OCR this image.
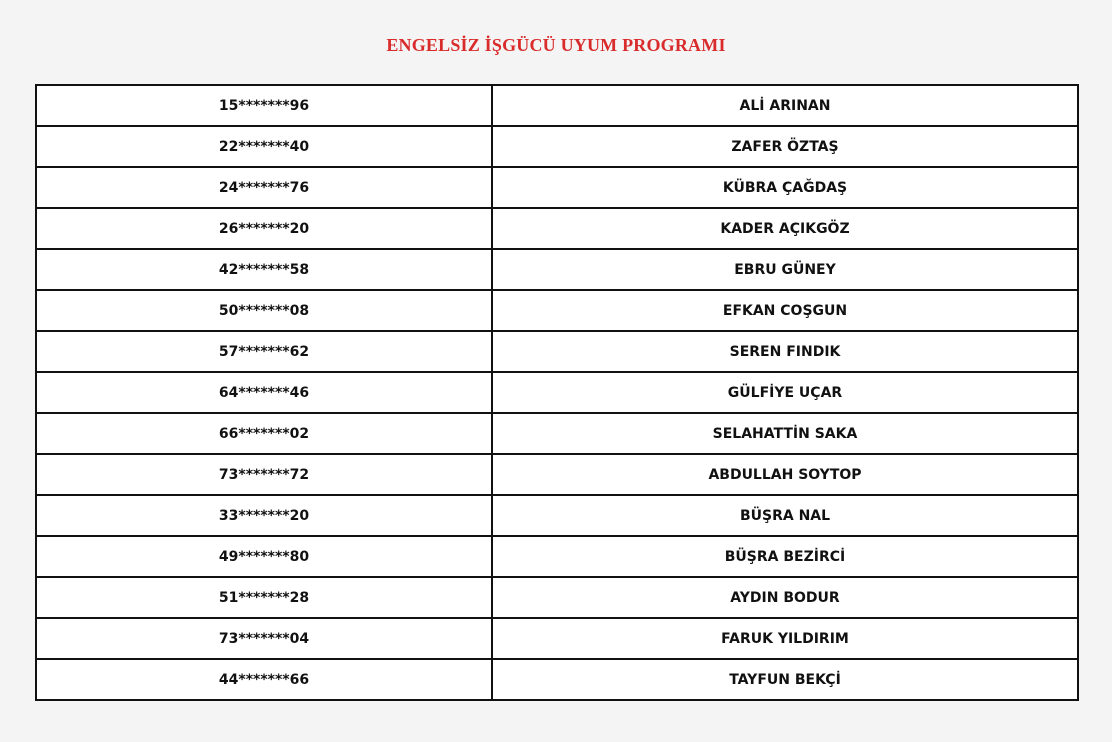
ENGELSİZ İŞGÜCÜ UYUM PROGRAMI
15*******96	ALİ ARINAN
22*******40	ZAFER ÖZTAŞ
24*******76	KÜBRA ÇAĞDAŞ
26*******20	KADER AÇIKGÖZ
42*******58	EBRU GÜNEY
50*******08	EFKAN COŞGUN
57*******62	SEREN FINDIK
64*******46	GÜLFİYE UÇAR
66*******02	SELAHATTİN SAKA
73*******72	ABDULLAH SOYTOP
33*******20	BÜŞRA NAL
49*******80	BÜŞRA BEZİRCİ
51*******28	AYDIN BODUR
73*******04	FARUK YILDIRIM
44*******66	TAYFUN BEKÇİ
